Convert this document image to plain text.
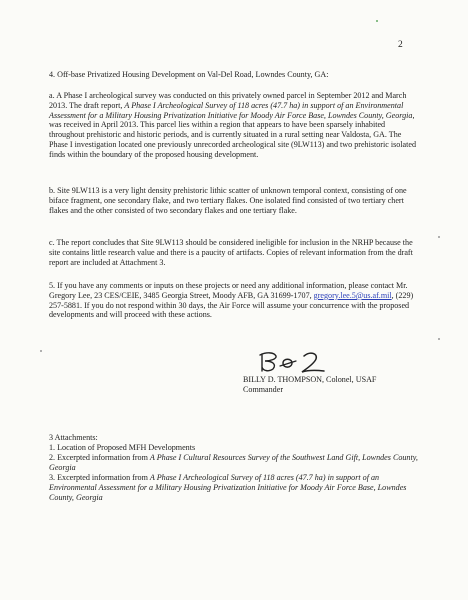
2

4. Off-base Privatized Housing Development on Val-Del Road, Lowndes County, GA:

a. A Phase I archeological survey was conducted on this privately owned parcel in September 2012 and March 2013. The draft report, A Phase I Archeological Survey of 118 acres (47.7 ha) in support of an Environmental Assessment for a Military Housing Privatization Initiative for Moody Air Force Base, Lowndes County, Georgia, was received in April 2013. This parcel lies within a region that appears to have been sparsely inhabited throughout prehistoric and historic periods, and is currently situated in a rural setting near Valdosta, GA. The Phase I investigation located one previously unrecorded archeological site (9LW113) and two prehistoric isolated finds within the boundary of the proposed housing development.

b. Site 9LW113 is a very light density prehistoric lithic scatter of unknown temporal context, consisting of one biface fragment, one secondary flake, and two tertiary flakes. One isolated find consisted of two tertiary chert flakes and the other consisted of two secondary flakes and one tertiary flake.

c. The report concludes that Site 9LW113 should be considered ineligible for inclusion in the NRHP because the site contains little research value and there is a paucity of artifacts. Copies of relevant information from the draft report are included at Attachment 3.

5. If you have any comments or inputs on these projects or need any additional information, please contact Mr. Gregory Lee, 23 CES/CEIE, 3485 Georgia Street, Moody AFB, GA 31699-1707, gregory.lee.5@us.af.mil, (229) 257-5881. If you do not respond within 30 days, the Air Force will assume your concurrence with the proposed developments and will proceed with these actions.

BILLY D. THOMPSON, Colonel, USAF
Commander

3 Attachments:

1. Location of Proposed MFH Developments

2. Excerpted information from A Phase I Cultural Resources Survey of the Southwest Land Gift, Lowndes County, Georgia

3. Excerpted information from A Phase I Archeological Survey of 118 acres (47.7 ha) in support of an Environmental Assessment for a Military Housing Privatization Initiative for Moody Air Force Base, Lowndes County, Georgia
